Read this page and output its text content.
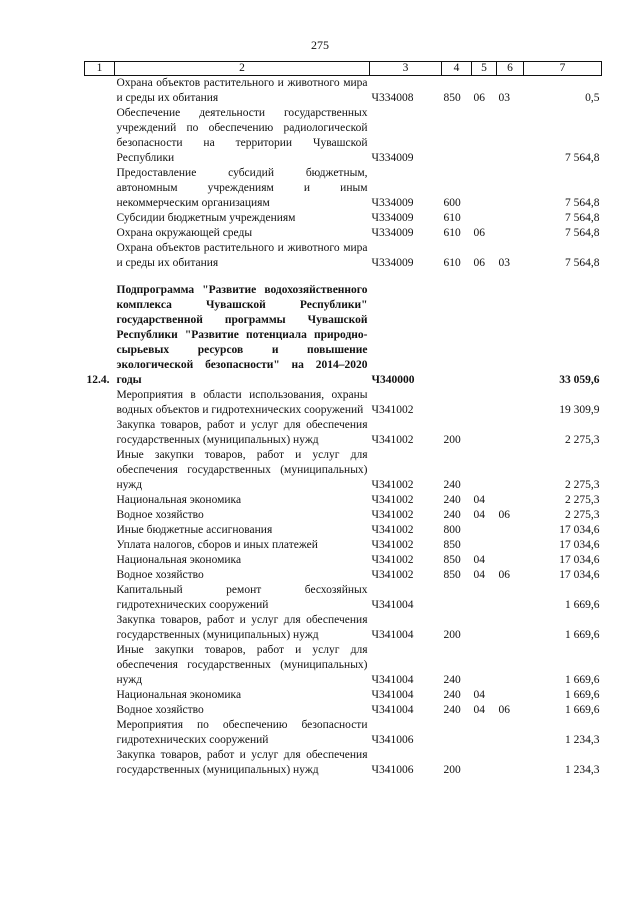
275
1	2	3	4	5	6	7
	Охрана объектов растительного и животного мира и среды их обитания	Ч334008	850	06	03	0,5
	Обеспечение деятельности государственных учреждений по обеспечению радиологической безопасности на территории Чувашской Республики	Ч334009				7 564,8
	Предоставление субсидий бюджетным, автономным учреждениям и иным некоммерческим организациям	Ч334009	600			7 564,8
	Субсидии бюджетным учреждениям	Ч334009	610			7 564,8
	Охрана окружающей среды	Ч334009	610	06		7 564,8
	Охрана объектов растительного и животного мира и среды их обитания	Ч334009	610	06	03	7 564,8

12.4.	Подпрограмма "Развитие водохозяйственного комплекса Чувашской Республики" государственной программы Чувашской Республики "Развитие потенциала природно-сырьевых ресурсов и повышение экологической безопасности" на 2014–2020 годы	Ч340000				33 059,6
	Мероприятия в области использования, охраны водных объектов и гидротехнических сооружений	Ч341002				19 309,9
	Закупка товаров, работ и услуг для обеспечения государственных (муниципальных) нужд	Ч341002	200			2 275,3
	Иные закупки товаров, работ и услуг для обеспечения государственных (муниципальных) нужд	Ч341002	240			2 275,3
	Национальная экономика	Ч341002	240	04		2 275,3
	Водное хозяйство	Ч341002	240	04	06	2 275,3
	Иные бюджетные ассигнования	Ч341002	800			17 034,6
	Уплата налогов, сборов и иных платежей	Ч341002	850			17 034,6
	Национальная экономика	Ч341002	850	04		17 034,6
	Водное хозяйство	Ч341002	850	04	06	17 034,6
	Капитальный ремонт бесхозяйных гидротехнических сооружений	Ч341004				1 669,6
	Закупка товаров, работ и услуг для обеспечения государственных (муниципальных) нужд	Ч341004	200			1 669,6
	Иные закупки товаров, работ и услуг для обеспечения государственных (муниципальных) нужд	Ч341004	240			1 669,6
	Национальная экономика	Ч341004	240	04		1 669,6
	Водное хозяйство	Ч341004	240	04	06	1 669,6
	Мероприятия по обеспечению безопасности гидротехнических сооружений	Ч341006				1 234,3
	Закупка товаров, работ и услуг для обеспечения государственных (муниципальных) нужд	Ч341006	200			1 234,3
